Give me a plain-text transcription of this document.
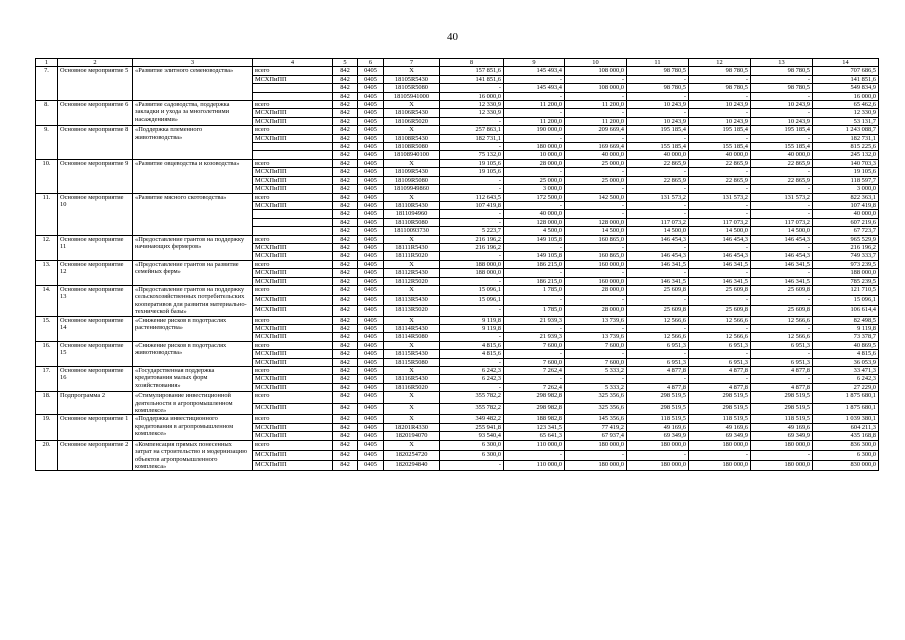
40
1	2	3	4	5	6	7	8	9	10	11	12	13	14
7.	Основное мероприятие 5	«Развитие элитного семеноводства»	всего	842	0405	X	157 851,6	145 493,4	108 000,0	98 780,5	98 780,5	98 780,5	707 686,5
			МСХПиПП	842	0405	18105R5430	141 851,6	-	-	-	-	-	141 851,6
				842	0405	18105R5080	-	145 493,4	108 000,0	98 780,5	98 780,5	98 780,5	549 834,9
				842	0405	18105941000	16 000,0	-	-	-	-	-	16 000,0
8.	Основное мероприятие 6	«Развитие садоводства, поддержка закладки и ухода за многолетними насаждениями»	всего	842	0405	X	12 330,9	11 200,0	11 200,0	10 243,9	10 243,9	10 243,9	65 462,6
			МСХПиПП	842	0405	18106R5430	12 330,9	-	-	-	-	-	12 330,9
			МСХПиПП	842	0405	18106R5020	-	11 200,0	11 200,0	10 243,9	10 243,9	10 243,9	53 131,7
9.	Основное мероприятие 8	«Поддержка племенного животноводства»	всего	842	0405	X	257 863,1	190 000,0	209 669,4	195 185,4	195 185,4	195 185,4	1 243 088,7
			МСХПиПП	842	0405	18108R5430	182 731,1	-	-	-	-	-	182 731,1
				842	0405	18108R5080	-	180 000,0	169 669,4	155 185,4	155 185,4	155 185,4	815 225,6
				842	0405	18108940100	75 132,0	10 000,0	40 000,0	40 000,0	40 000,0	40 000,0	245 132,0
10.	Основное мероприятие 9	«Развитие овцеводства и козоводства»	всего	842	0405	X	19 105,6	28 000,0	25 000,0	22 865,9	22 865,9	22 865,9	140 703,3
			МСХПиПП	842	0405	18109R5430	19 105,6	-	-	-	-	-	19 105,6
			МСХПиПП	842	0405	18109R5080	-	25 000,0	25 000,0	22 865,9	22 865,9	22 865,9	118 597,7
			МСХПиПП	842	0405	18109949860	-	3 000,0	-	-	-	-	3 000,0
11.	Основное мероприятие 10	«Развитие мясного скотоводства»	всего	842	0405	X	112 643,5	172 500,0	142 500,0	131 573,2	131 573,2	131 573,2	822 363,1
			МСХПиПП	842	0405	18110R5430	107 419,8	-	-	-	-	-	107 419,8
				842	0405	1811094960	-	40 000,0	-	-	-	-	40 000,0
				842	0405	18110R5080	-	128 000,0	128 000,0	117 073,2	117 073,2	117 073,2	607 219,6
				842	0405	18110093730	5 223,7	4 500,0	14 500,0	14 500,0	14 500,0	14 500,0	67 723,7
12.	Основное мероприятие 11	«Предоставление грантов на поддержку начинающих фермеров»	всего	842	0405	X	216 196,2	149 105,8	160 865,0	146 454,3	146 454,3	146 454,3	965 529,9
			МСХПиПП	842	0405	18111R5430	216 196,2	-	-	-	-	-	216 196,2
			МСХПиПП	842	0405	18111R5020	-	149 105,8	160 865,0	146 454,3	146 454,3	146 454,3	749 333,7
13.	Основное мероприятие 12	«Предоставление грантов на развитие семейных ферм»	всего	842	0405	X	188 000,0	186 215,0	160 000,0	146 341,5	146 341,5	146 341,5	973 239,5
			МСХПиПП	842	0405	18112R5430	188 000,0	-	-	-	-	-	188 000,0
			МСХПиПП	842	0405	18112R5020	-	186 215,0	160 000,0	146 341,5	146 341,5	146 341,5	785 239,5
14.	Основное мероприятие 13	«Предоставление грантов на поддержку сельскохозяйственных потребительских кооперативов для развития материально-технической базы»	всего	842	0405	X	15 096,1	1 785,0	28 000,0	25 609,8	25 609,8	25 609,8	121 710,5
			МСХПиПП	842	0405	18113R5430	15 096,1	-	-	-	-	-	15 096,1
			МСХПиПП	842	0405	18113R5020	-	1 785,0	28 000,0	25 609,8	25 609,8	25 609,8	106 614,4
15.	Основное мероприятие 14	«Снижение рисков в подотраслях растениеводства»	всего	842	0405	X	9 119,8	21 939,3	13 739,6	12 566,6	12 566,6	12 566,6	82 498,5
			МСХПиПП	842	0405	18114R5430	9 119,8	-	-	-	-	-	9 119,8
			МСХПиПП	842	0405	18114R5080	-	21 939,3	13 739,6	12 566,6	12 566,6	12 566,6	73 378,7
16.	Основное мероприятие 15	«Снижение рисков в подотраслях животноводства»	всего	842	0405	X	4 815,6	7 600,0	7 600,0	6 951,3	6 951,3	6 951,3	40 869,5
			МСХПиПП	842	0405	18115R5430	4 815,6	-	-	-	-	-	4 815,6
			МСХПиПП	842	0405	18115R5080	-	7 600,0	7 600,0	6 951,3	6 951,3	6 951,3	36 053,9
17.	Основное мероприятие 16	«Государственная поддержка кредитования малых форм хозяйствования»	всего	842	0405	X	6 242,3	7 262,4	5 333,2	4 877,8	4 877,8	4 877,8	33 471,3
			МСХПиПП	842	0405	18116R5430	6 242,3	-	-	-	-	-	6 242,3
			МСХПиПП	842	0405	18116R5020	-	7 262,4	5 333,2	4 877,8	4 877,8	4 877,8	27 229,0
18.	Подпрограмма 2	«Стимулирование инвестиционной деятельности в агропромышленном комплексе»	всего	842	0405	X	355 782,2	298 982,8	325 356,6	298 519,5	298 519,5	298 519,5	1 875 680,1
			МСХПиПП	842	0405	X	355 782,2	298 982,8	325 356,6	298 519,5	298 519,5	298 519,5	1 875 680,1
19.	Основное мероприятие 1	«Поддержка инвестиционного кредитования в агропромышленном комплексе»	всего	842	0405	X	349 482,2	188 982,8	145 356,6	118 519,5	118 519,5	118 519,5	1 039 380,1
			МСХПиПП	842	0405	18201R4330	255 941,8	123 341,5	77 419,2	49 169,6	49 169,6	49 169,6	604 211,3
			МСХПиПП	842	0405	1820194070	93 540,4	65 641,3	67 937,4	69 349,9	69 349,9	69 349,9	435 168,8
20.	Основное мероприятие 2	«Компенсация прямых понесенных затрат на строительство и модернизацию объектов агропромышленного комплекса»	всего	842	0405	X	6 300,0	110 000,0	180 000,0	180 000,0	180 000,0	180 000,0	836 300,0
			МСХПиПП	842	0405	1820254720	6 300,0	-	-	-	-	-	6 300,0
			МСХПиПП	842	0405	1820294840	-	110 000,0	180 000,0	180 000,0	180 000,0	180 000,0	830 000,0
